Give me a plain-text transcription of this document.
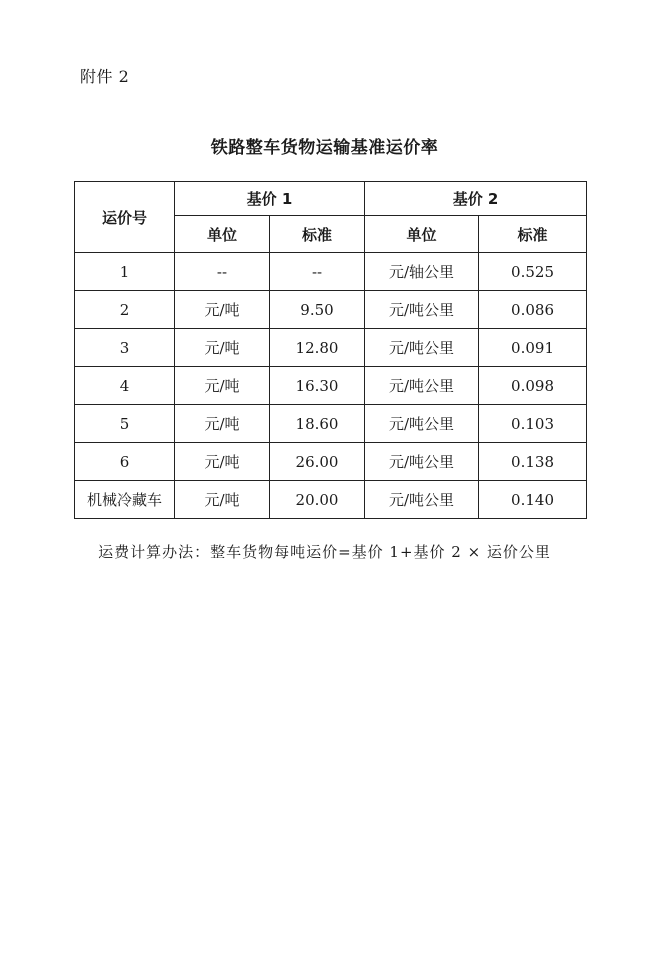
附件 2
铁路整车货物运输基准运价率
运价号	基价 1		基价 2	
	单位	标准	单位	标准
1	--	--	元/轴公里	0.525
2	元/吨	9.50	元/吨公里	0.086
3	元/吨	12.80	元/吨公里	0.091
4	元/吨	16.30	元/吨公里	0.098
5	元/吨	18.60	元/吨公里	0.103
6	元/吨	26.00	元/吨公里	0.138
机械冷藏车	元/吨	20.00	元/吨公里	0.140
运费计算办法：整车货物每吨运价=基价 1+基价 2 × 运价公里
